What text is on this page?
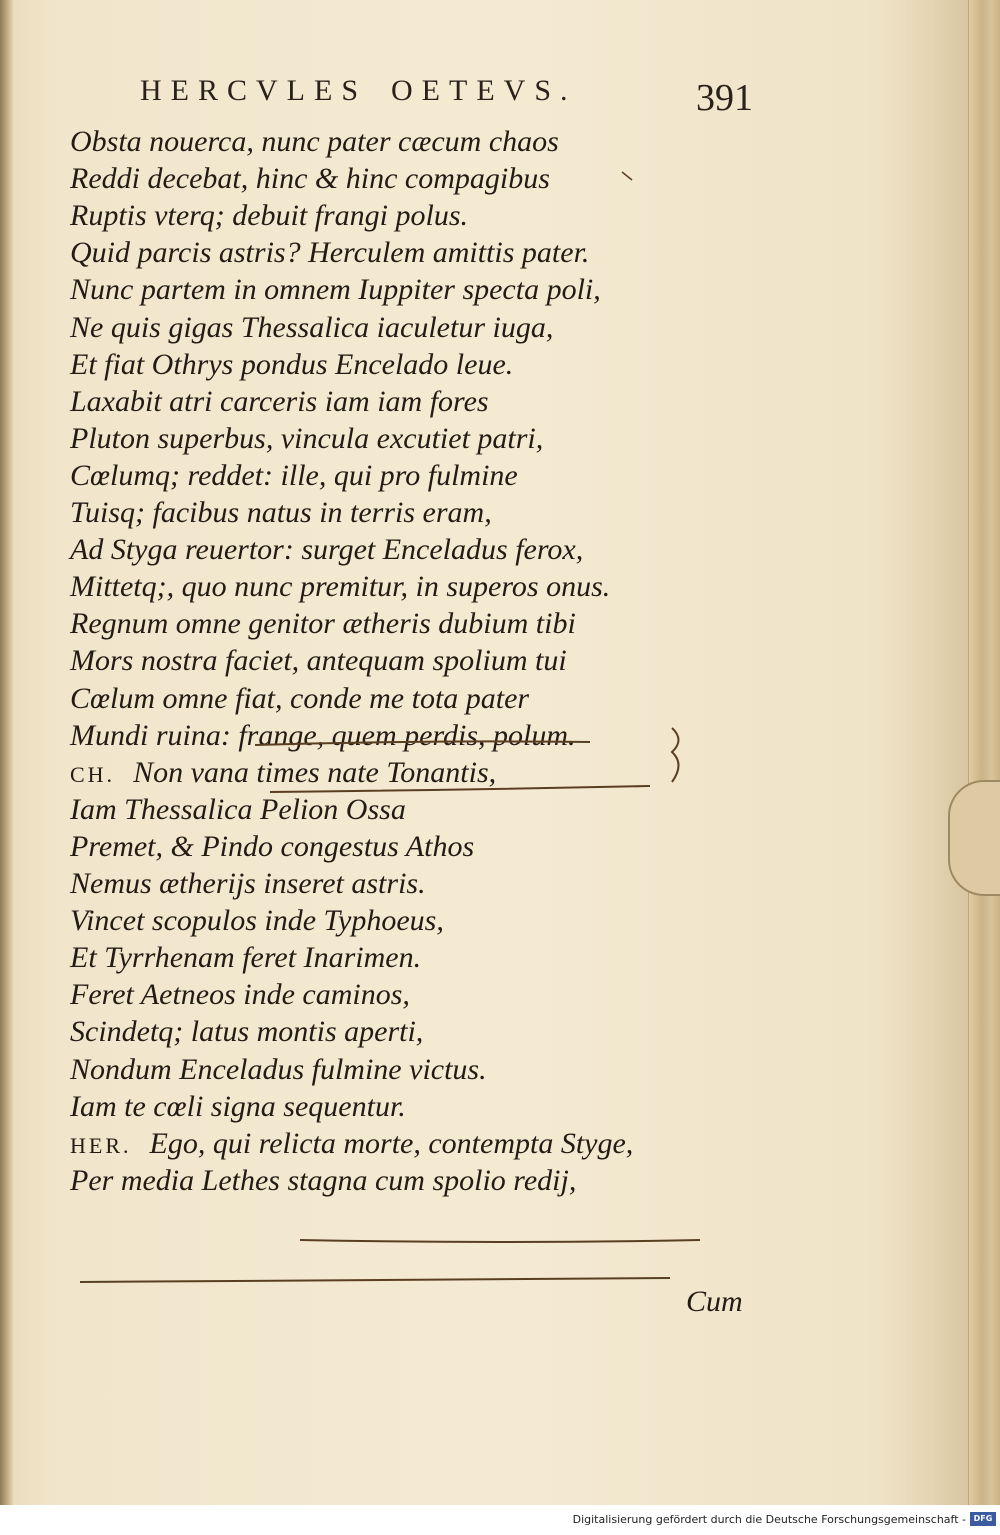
HERCVLES OETEVS.	391
Obsta nouerca, nunc pater cæcum chaos
Reddi decebat, hinc & hinc compagibus
Ruptis vterq; debuit frangi polus.
Quid parcis astris? Herculem amittis pater.
Nunc partem in omnem Iuppiter specta poli,
Ne quis gigas Thessalica iaculetur iuga,
Et fiat Othrys pondus Encelado leue.
Laxabit atri carceris iam iam fores
Pluton superbus, vincula excutiet patri,
Cœlumq; reddet: ille, qui pro fulmine
Tuisq; facibus natus in terris eram,
Ad Styga reuertor: surget Enceladus ferox,
Mittetq;, quo nunc premitur, in superos onus.
Regnum omne genitor ætheris dubium tibi
Mors nostra faciet, antequam spolium tui
Cœlum omne fiat, conde me tota pater
Mundi ruina: frange, quem perdis, polum.
CH. Non vana times nate Tonantis,
Iam Thessalica Pelion Ossa
Premet, & Pindo congestus Athos
Nemus ætherijs inseret astris.
Vincet scopulos inde Typhoeus,
Et Tyrrhenam feret Inarimen.
Feret Aetneos inde caminos,
Scindetq; latus montis aperti,
Nondum Enceladus fulmine victus.
Iam te cœli signa sequentur.
HER. Ego, qui relicta morte, contempta Styge,
Per media Lethes stagna cum spolio redij,
Cum
Digitalisierung gefördert durch die Deutsche Forschungsgemeinschaft - DFG
